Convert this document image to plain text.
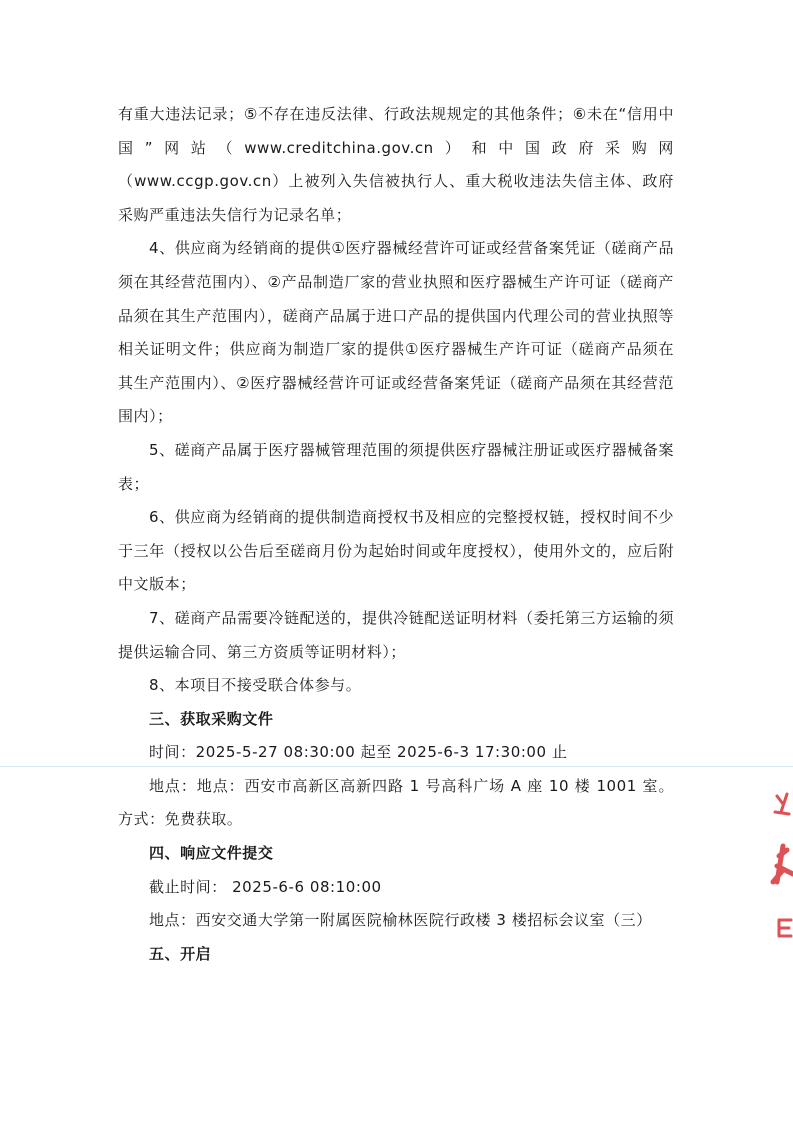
有重大违法记录；⑤不存在违反法律、行政法规规定的其他条件；⑥未在“信用中国”网站（www.creditchina.gov.cn）和中国政府采购网（www.ccgp.gov.cn）上被列入失信被执行人、重大税收违法失信主体、政府采购严重违法失信行为记录名单；

4、供应商为经销商的提供①医疗器械经营许可证或经营备案凭证（磋商产品须在其经营范围内）、②产品制造厂家的营业执照和医疗器械生产许可证（磋商产品须在其生产范围内），磋商产品属于进口产品的提供国内代理公司的营业执照等相关证明文件；供应商为制造厂家的提供①医疗器械生产许可证（磋商产品须在其生产范围内）、②医疗器械经营许可证或经营备案凭证（磋商产品须在其经营范围内）；

5、磋商产品属于医疗器械管理范围的须提供医疗器械注册证或医疗器械备案表；

6、供应商为经销商的提供制造商授权书及相应的完整授权链，授权时间不少于三年（授权以公告后至磋商月份为起始时间或年度授权），使用外文的，应后附中文版本；

7、磋商产品需要冷链配送的，提供冷链配送证明材料（委托第三方运输的须提供运输合同、第三方资质等证明材料）；

8、本项目不接受联合体参与。

三、获取采购文件

时间：2025-5-27 08:30:00 起至 2025-6-3 17:30:00 止

地点：地点：西安市高新区高新四路 1 号高科广场 A 座 10 楼 1001 室。方式：免费获取。

四、响应文件提交

截止时间： 2025-6-6 08:10:00

地点：西安交通大学第一附属医院榆林医院行政楼 3 楼招标会议室（三）

五、开启
